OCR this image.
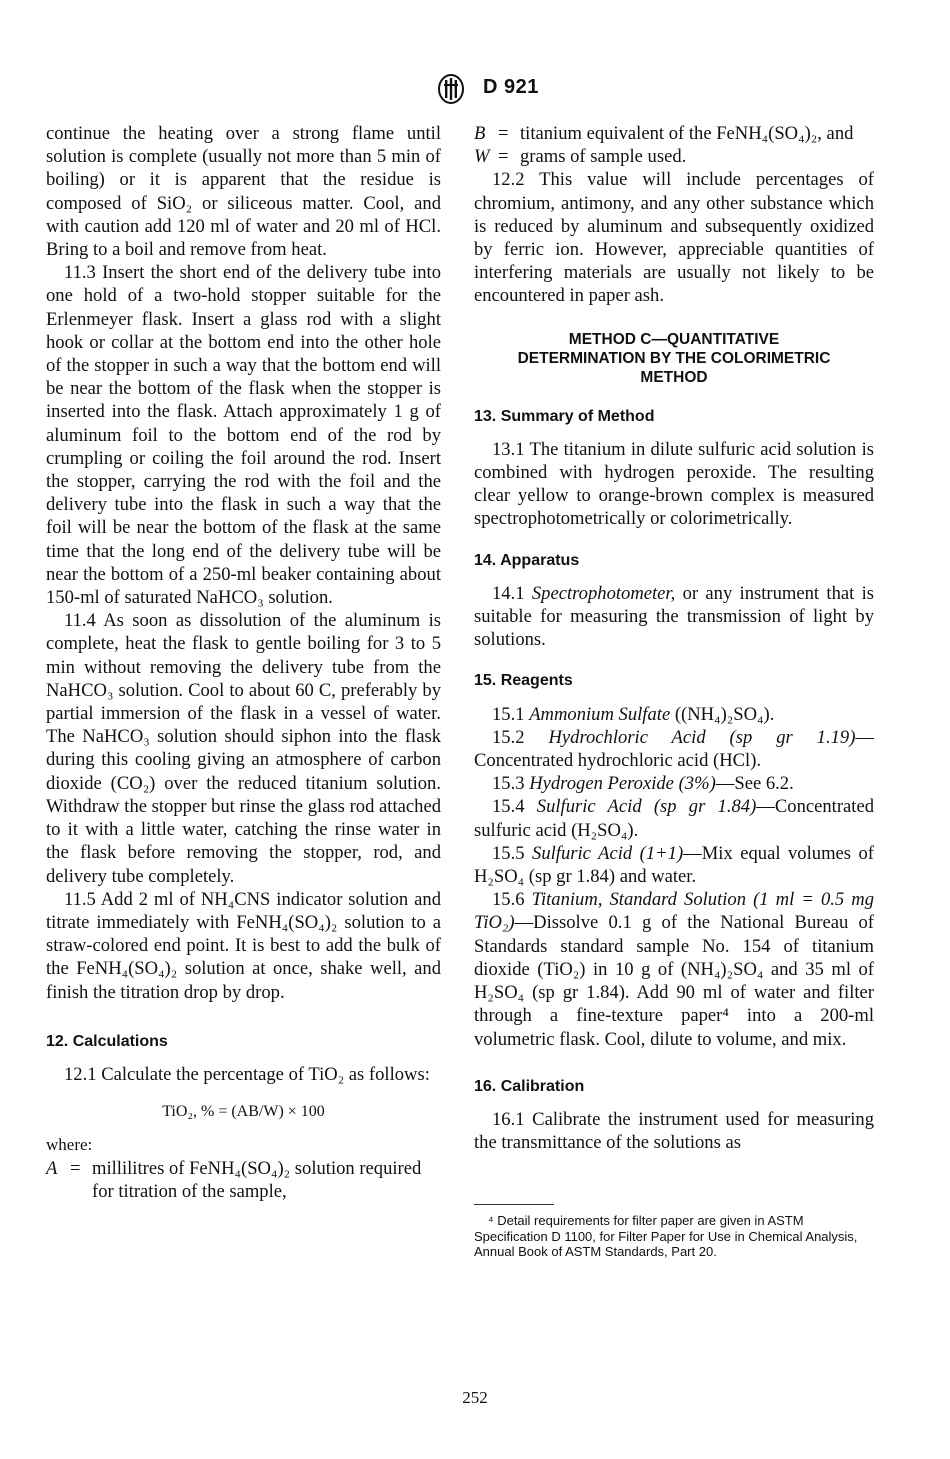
D 921

continue the heating over a strong flame until solution is complete (usually not more than 5 min of boiling) or it is apparent that the residue is composed of SiO₂ or siliceous matter. Cool, and with caution add 120 ml of water and 20 ml of HCl. Bring to a boil and remove from heat.

11.3 Insert the short end of the delivery tube into one hold of a two-hold stopper suitable for the Erlenmeyer flask. Insert a glass rod with a slight hook or collar at the bottom end into the other hole of the stopper in such a way that the bottom end will be near the bottom of the flask when the stopper is inserted into the flask. Attach approximately 1 g of aluminum foil to the bottom end of the rod by crumpling or coiling the foil around the rod. Insert the stopper, carrying the rod with the foil and the delivery tube into the flask in such a way that the foil will be near the bottom of the flask at the same time that the long end of the delivery tube will be near the bottom of a 250-ml beaker containing about 150-ml of saturated NaHCO₃ solution.

11.4 As soon as dissolution of the aluminum is complete, heat the flask to gentle boiling for 3 to 5 min without removing the delivery tube from the NaHCO₃ solution. Cool to about 60 C, preferably by partial immersion of the flask in a vessel of water. The NaHCO₃ solution should siphon into the flask during this cooling giving an atmosphere of carbon dioxide (CO₂) over the reduced titanium solution. Withdraw the stopper but rinse the glass rod attached to it with a little water, catching the rinse water in the flask before removing the stopper, rod, and delivery tube completely.

11.5 Add 2 ml of NH₄CNS indicator solution and titrate immediately with FeNH₄(SO₄)₂ solution to a straw-colored end point. It is best to add the bulk of the FeNH₄(SO₄)₂ solution at once, shake well, and finish the titration drop by drop.

12. Calculations

12.1 Calculate the percentage of TiO₂ as follows:

TiO₂, % = (AB/W) × 100
where:
A = millilitres of FeNH₄(SO₄)₂ solution required for titration of the sample,
B = titanium equivalent of the FeNH₄(SO₄)₂, and
W = grams of sample used.

12.2 This value will include percentages of chromium, antimony, and any other substance which is reduced by aluminum and subsequently oxidized by ferric ion. However, appreciable quantities of interfering materials are usually not likely to be encountered in paper ash.

METHOD C—QUANTITATIVE
DETERMINATION BY THE COLORIMETRIC
METHOD
13. Summary of Method

13.1 The titanium in dilute sulfuric acid solution is combined with hydrogen peroxide. The resulting clear yellow to orange-brown complex is measured spectrophotometrically or colorimetrically.

14. Apparatus

14.1 Spectrophotometer, or any instrument that is suitable for measuring the transmission of light by solutions.

15. Reagents

15.1 Ammonium Sulfate ((NH₄)₂SO₄).

15.2 Hydrochloric Acid (sp gr 1.19)—Concentrated hydrochloric acid (HCl).

15.3 Hydrogen Peroxide (3%)—See 6.2.

15.4 Sulfuric Acid (sp gr 1.84)—Concentrated sulfuric acid (H₂SO₄).

15.5 Sulfuric Acid (1+1)—Mix equal volumes of H₂SO₄ (sp gr 1.84) and water.

15.6 Titanium, Standard Solution (1 ml = 0.5 mg TiO₂)—Dissolve 0.1 g of the National Bureau of Standards standard sample No. 154 of titanium dioxide (TiO₂) in 10 g of (NH₄)₂SO₄ and 35 ml of H₂SO₄ (sp gr 1.84). Add 90 ml of water and filter through a fine-texture paper⁴ into a 200-ml volumetric flask. Cool, dilute to volume, and mix.

16. Calibration

16.1 Calibrate the instrument used for measuring the transmittance of the solutions as

⁴ Detail requirements for filter paper are given in ASTM Specification D 1100, for Filter Paper for Use in Chemical Analysis, Annual Book of ASTM Standards, Part 20.

252
